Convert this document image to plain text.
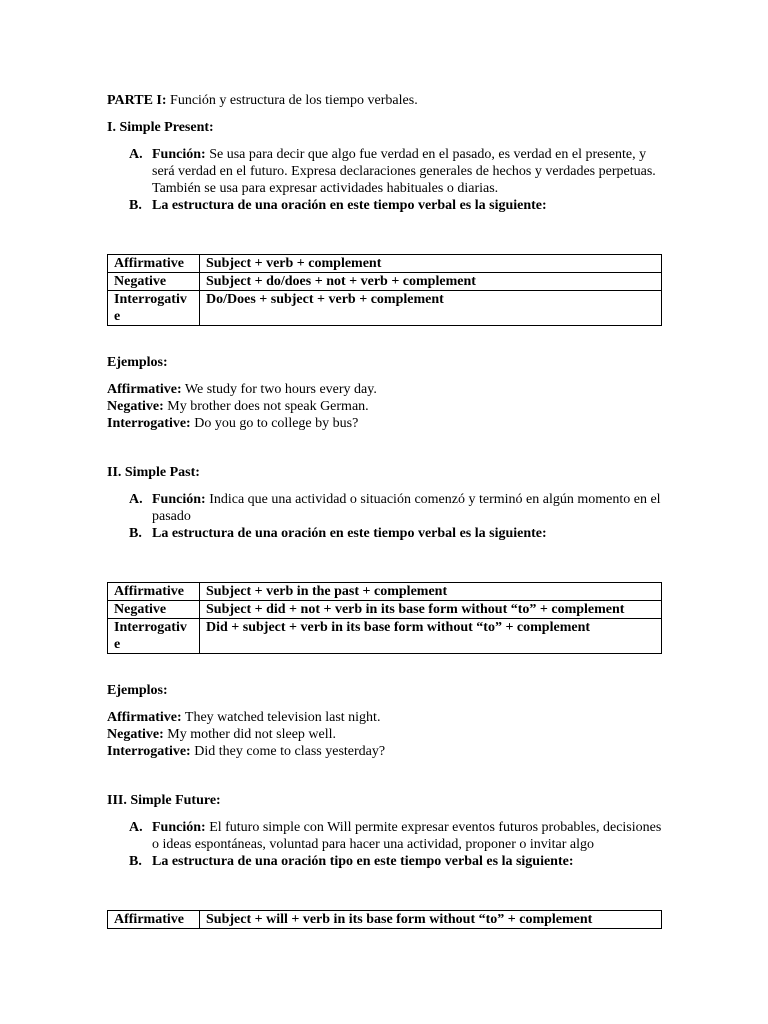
PARTE I: Función y estructura de los tiempo verbales.

I. Simple Present:

A. Función: Se usa para decir que algo fue verdad en el pasado, es verdad en el presente, y será verdad en el futuro. Expresa declaraciones generales de hechos y verdades perpetuas. También se usa para expresar actividades habituales o diarias.
B. La estructura de una oración en este tiempo verbal es la siguiente:
Affirmative	Subject + verb + complement
Negative	Subject + do/does + not + verb + complement
Interrogative	Do/Does + subject + verb + complement

Ejemplos:

Affirmative: We study for two hours every day.
Negative: My brother does not speak German.
Interrogative: Do you go to college by bus?

II. Simple Past:

A. Función: Indica que una actividad o situación comenzó y terminó en algún momento en el pasado
B. La estructura de una oración en este tiempo verbal es la siguiente:
Affirmative	Subject + verb in the past + complement
Negative	Subject + did + not + verb in its base form without “to” + complement
Interrogative	Did + subject + verb in its base form without “to” + complement

Ejemplos:

Affirmative: They watched television last night.
Negative: My mother did not sleep well.
Interrogative: Did they come to class yesterday?

III. Simple Future:

A. Función: El futuro simple con Will permite expresar eventos futuros probables, decisiones o ideas espontáneas, voluntad para hacer una actividad, proponer o invitar algo
B. La estructura de una oración tipo en este tiempo verbal es la siguiente:
Affirmative	Subject + will + verb in its base form without “to” + complement
